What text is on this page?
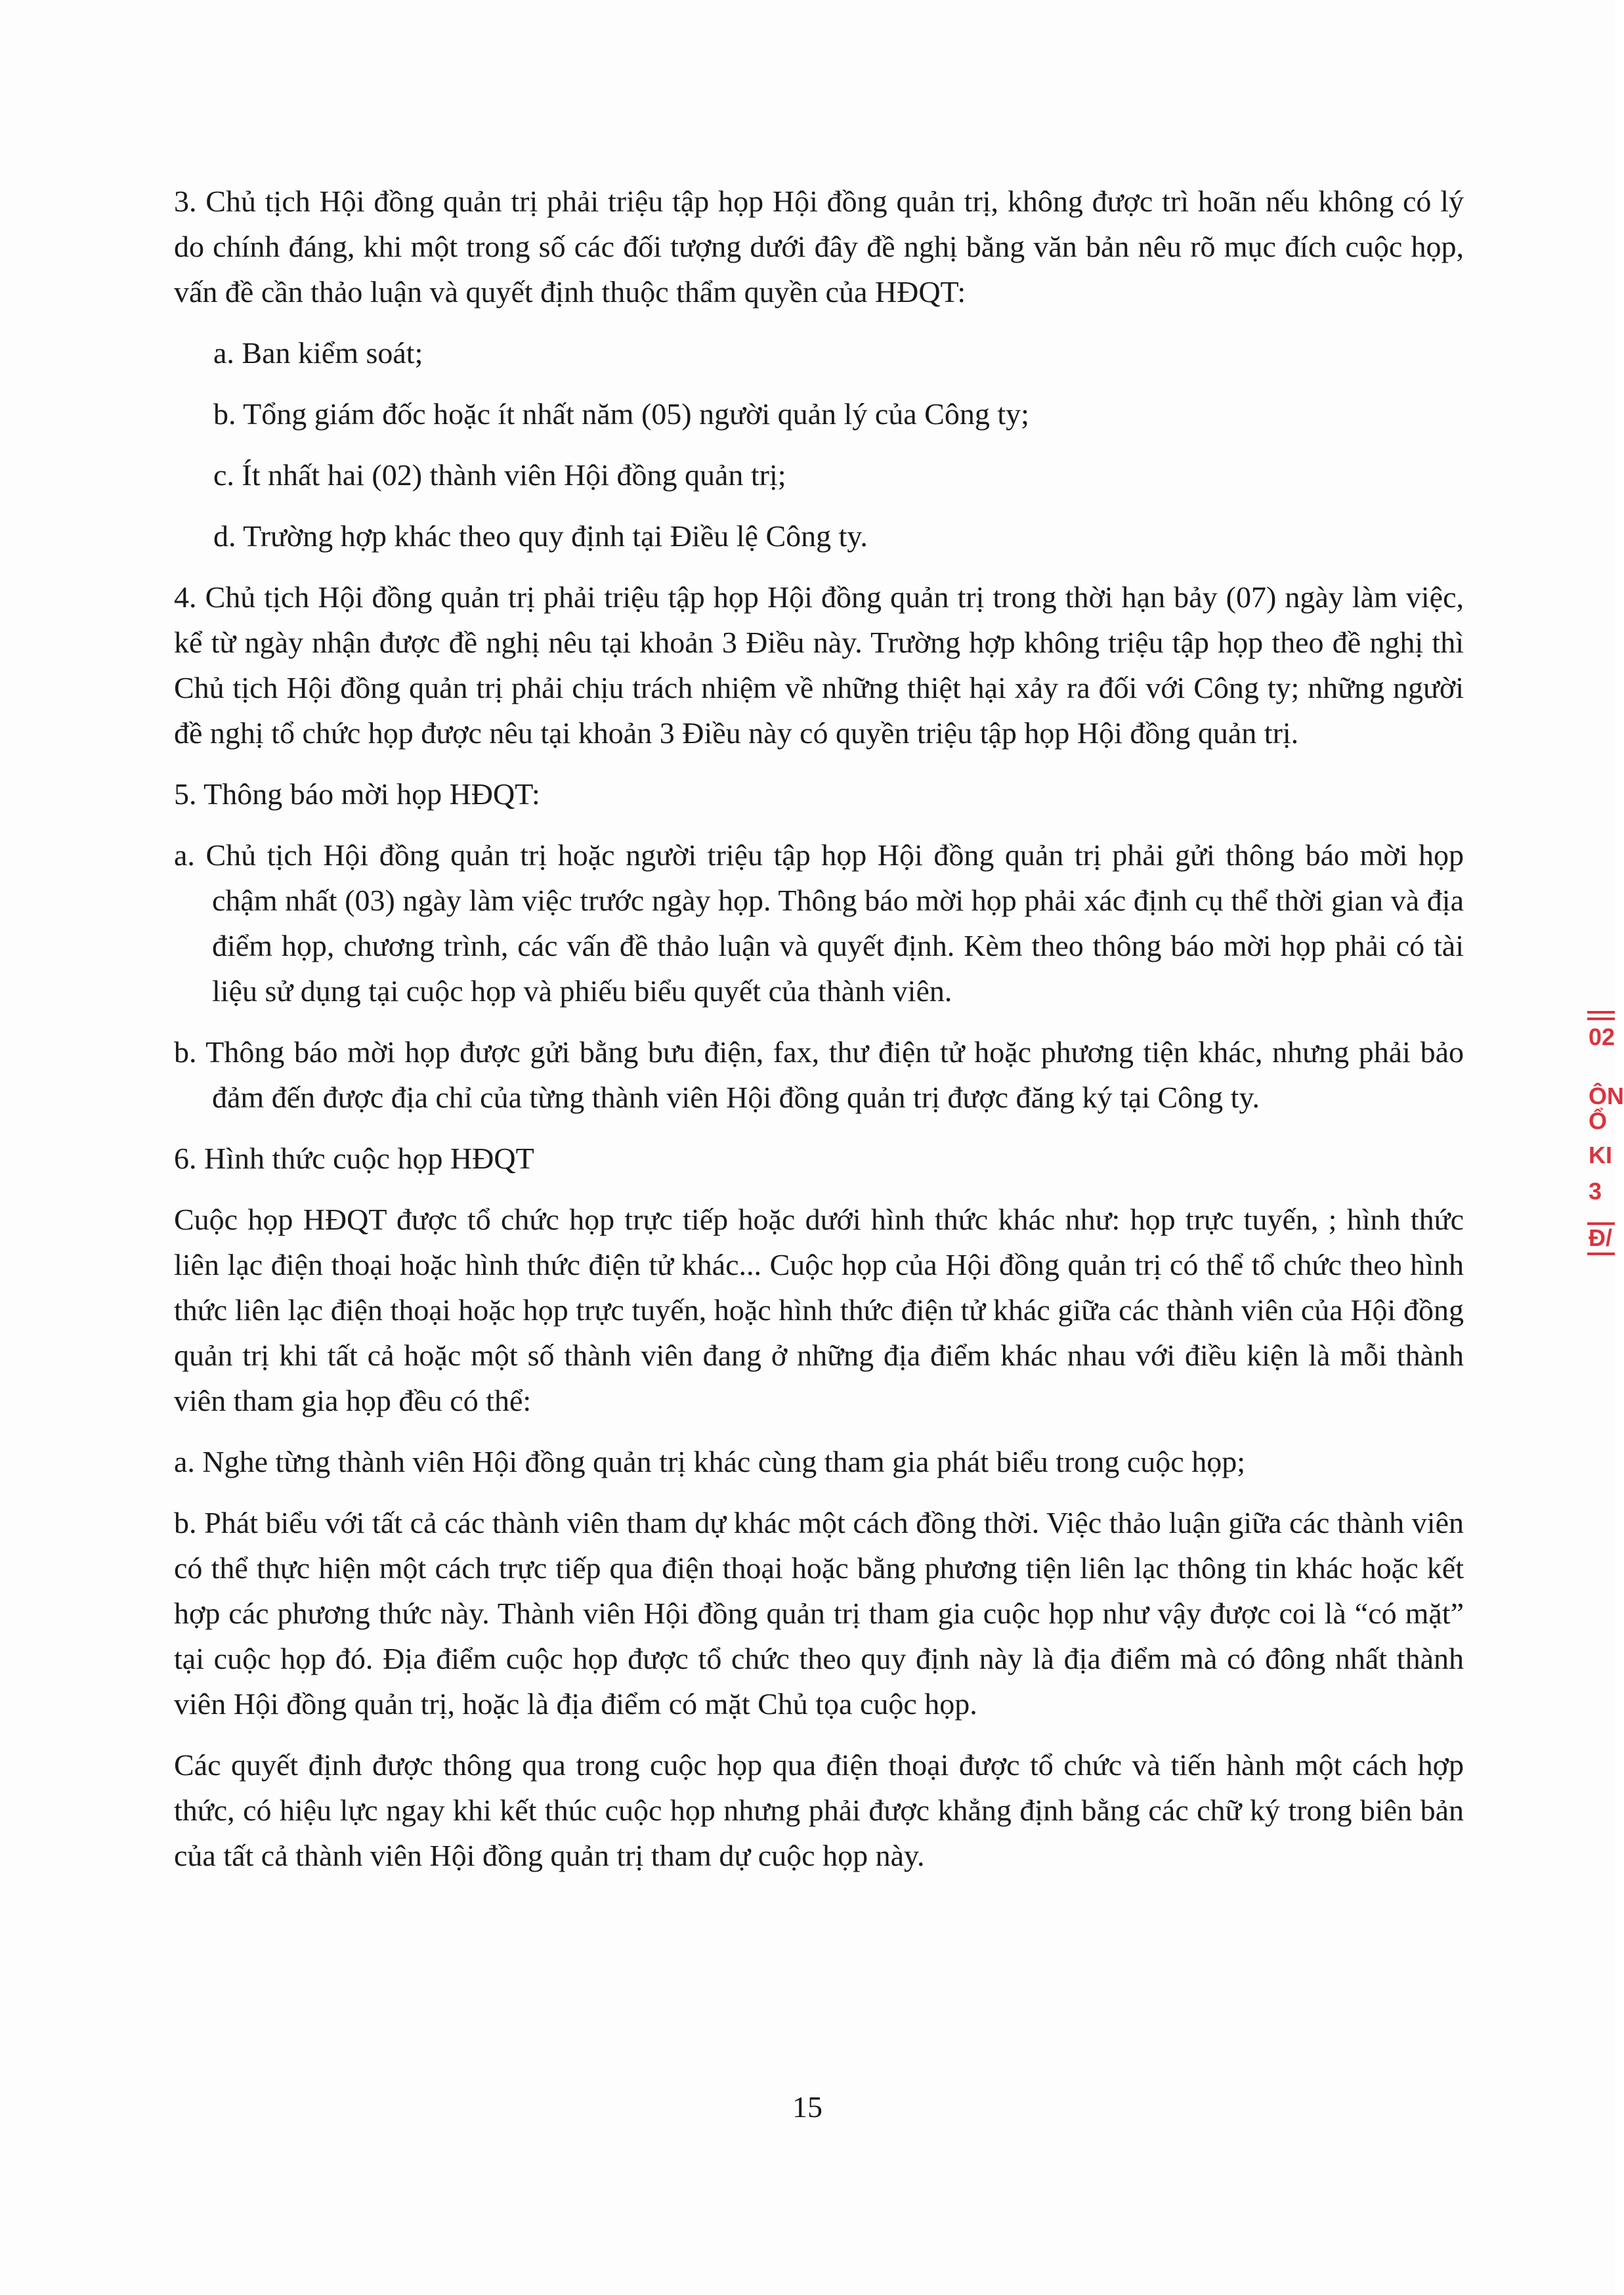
3. Chủ tịch Hội đồng quản trị phải triệu tập họp Hội đồng quản trị, không được trì hoãn nếu không có lý do chính đáng, khi một trong số các đối tượng dưới đây đề nghị bằng văn bản nêu rõ mục đích cuộc họp, vấn đề cần thảo luận và quyết định thuộc thẩm quyền của HĐQT:

a. Ban kiểm soát;

b. Tổng giám đốc hoặc ít nhất năm (05) người quản lý của Công ty;

c. Ít nhất hai (02) thành viên Hội đồng quản trị;

d. Trường hợp khác theo quy định tại Điều lệ Công ty.

4. Chủ tịch Hội đồng quản trị phải triệu tập họp Hội đồng quản trị trong thời hạn bảy (07) ngày làm việc, kể từ ngày nhận được đề nghị nêu tại khoản 3 Điều này. Trường hợp không triệu tập họp theo đề nghị thì Chủ tịch Hội đồng quản trị phải chịu trách nhiệm về những thiệt hại xảy ra đối với Công ty; những người đề nghị tổ chức họp được nêu tại khoản 3 Điều này có quyền triệu tập họp Hội đồng quản trị.

5. Thông báo mời họp HĐQT:

a. Chủ tịch Hội đồng quản trị hoặc người triệu tập họp Hội đồng quản trị phải gửi thông báo mời họp chậm nhất (03) ngày làm việc trước ngày họp. Thông báo mời họp phải xác định cụ thể thời gian và địa điểm họp, chương trình, các vấn đề thảo luận và quyết định. Kèm theo thông báo mời họp phải có tài liệu sử dụng tại cuộc họp và phiếu biểu quyết của thành viên.

b. Thông báo mời họp được gửi bằng bưu điện, fax, thư điện tử hoặc phương tiện khác, nhưng phải bảo đảm đến được địa chỉ của từng thành viên Hội đồng quản trị được đăng ký tại Công ty.

6. Hình thức cuộc họp HĐQT

Cuộc họp HĐQT được tổ chức họp trực tiếp hoặc dưới hình thức khác như: họp trực tuyến, ; hình thức liên lạc điện thoại hoặc hình thức điện tử khác... Cuộc họp của Hội đồng quản trị có thể tổ chức theo hình thức liên lạc điện thoại hoặc họp trực tuyến, hoặc hình thức điện tử khác giữa các thành viên của Hội đồng quản trị khi tất cả hoặc một số thành viên đang ở những địa điểm khác nhau với điều kiện là mỗi thành viên tham gia họp đều có thể:

a. Nghe từng thành viên Hội đồng quản trị khác cùng tham gia phát biểu trong cuộc họp;

b. Phát biểu với tất cả các thành viên tham dự khác một cách đồng thời. Việc thảo luận giữa các thành viên có thể thực hiện một cách trực tiếp qua điện thoại hoặc bằng phương tiện liên lạc thông tin khác hoặc kết hợp các phương thức này. Thành viên Hội đồng quản trị tham gia cuộc họp như vậy được coi là “có mặt” tại cuộc họp đó. Địa điểm cuộc họp được tổ chức theo quy định này là địa điểm mà có đông nhất thành viên Hội đồng quản trị, hoặc là địa điểm có mặt Chủ tọa cuộc họp.

Các quyết định được thông qua trong cuộc họp qua điện thoại được tổ chức và tiến hành một cách hợp thức, có hiệu lực ngay khi kết thúc cuộc họp nhưng phải được khẳng định bằng các chữ ký trong biên bản của tất cả thành viên Hội đồng quản trị tham dự cuộc họp này.

15
02
ÔN
Ổ
KI
3
Đ/
